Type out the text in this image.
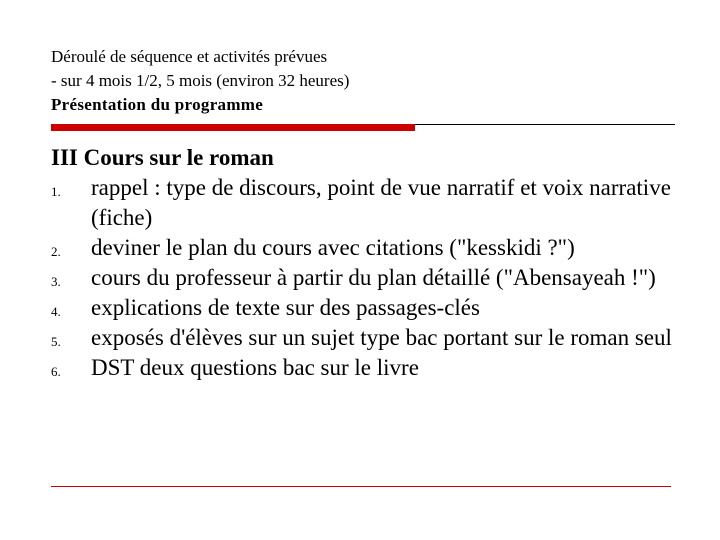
Déroulé de séquence et activités prévues
- sur 4 mois 1/2, 5 mois (environ 32 heures)
Présentation du programme

III Cours sur le roman

1. rappel : type de discours, point de vue narratif et voix narrative (fiche)
2. deviner le plan du cours avec citations ("kesskidi ?")
3. cours du professeur à partir du plan détaillé ("Abensayeah !")
4. explications de texte sur des passages-clés
5. exposés d'élèves sur un sujet type bac portant sur le roman seul
6. DST deux questions bac sur le livre
